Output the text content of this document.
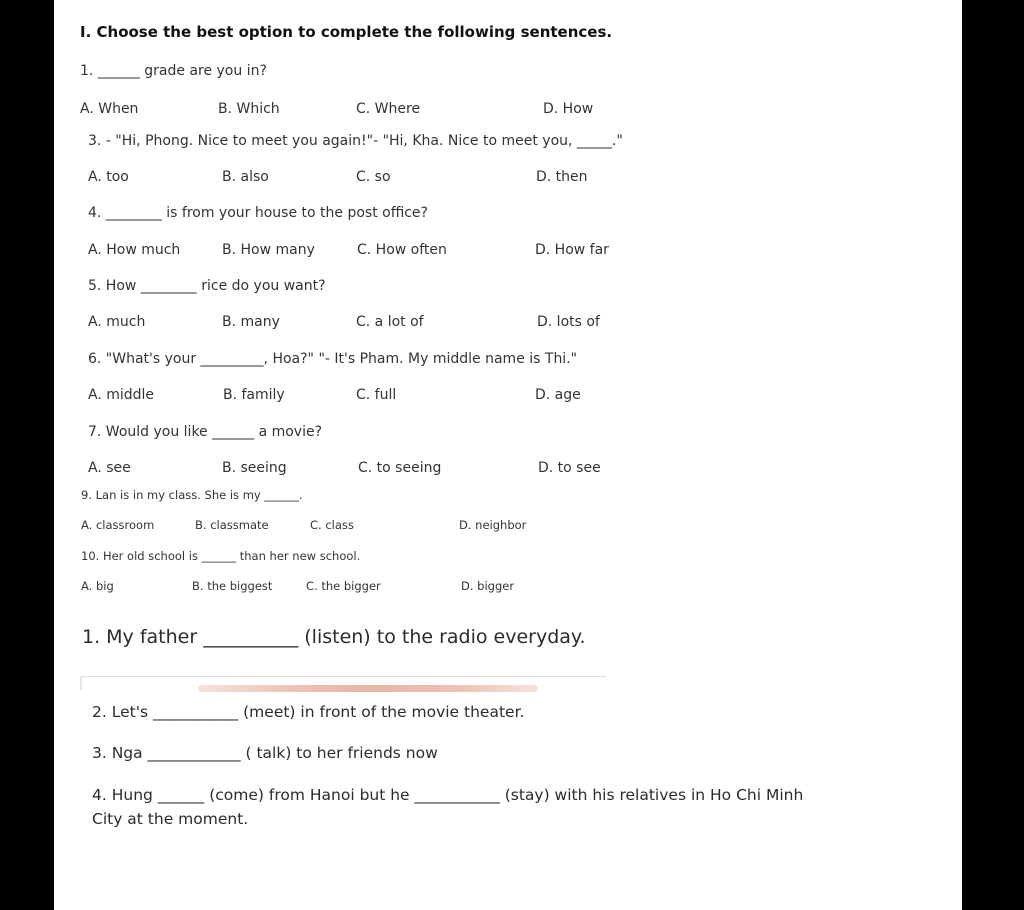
I. Choose the best option to complete the following sentences.
1. ______ grade are you in?
A. When	B. Which	C. Where	D. How
3. - "Hi, Phong. Nice to meet you again!"- "Hi, Kha. Nice to meet you, _____."
A. too	B. also	C. so	D. then
4. ________ is from your house to the post office?
A. How much	B. How many	C. How often	D. How far
5. How ________ rice do you want?
A. much	B. many	C. a lot of	D. lots of
6. "What's your _________, Hoa?" "- It's Pham. My middle name is Thi."
A. middle	B. family	C. full	D. age
7. Would you like ______ a movie?
A. see	B. seeing	C. to seeing	D. to see
9. Lan is in my class. She is my ______.
A. classroom	B. classmate	C. class	D. neighbor
10. Her old school is ______ than her new school.
A. big	B. the biggest	C. the bigger	D. bigger
1. My father __________ (listen) to the radio everyday.
2. Let's ___________ (meet) in front of the movie theater.
3. Nga ____________ ( talk) to her friends now
4. Hung ______ (come) from Hanoi but he ___________ (stay) with his relatives in Ho Chi Minh City at the moment.
